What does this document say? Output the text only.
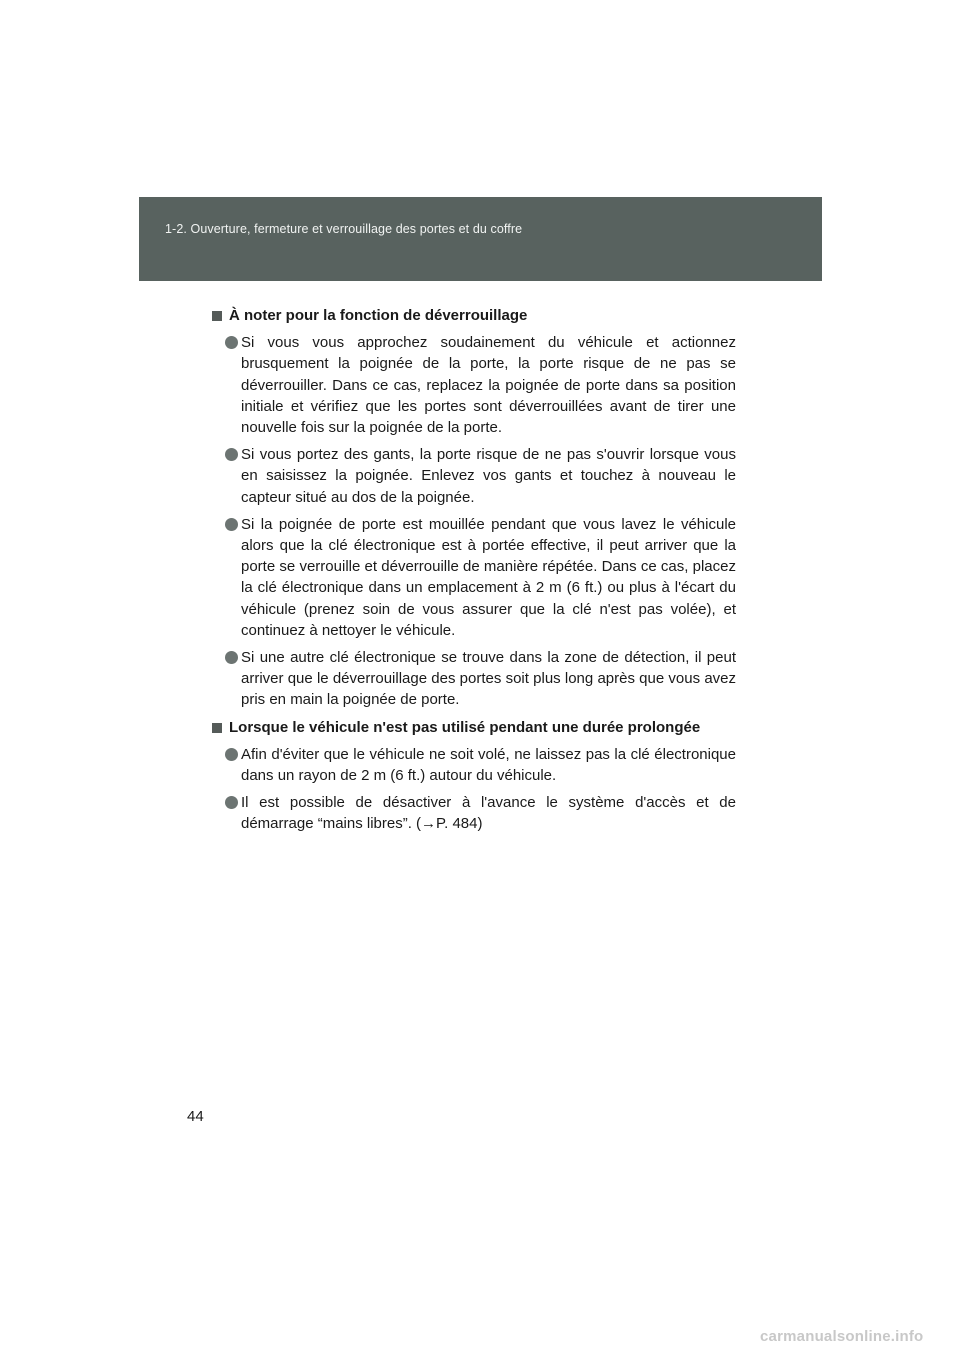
1-2. Ouverture, fermeture et verrouillage des portes et du coffre
À noter pour la fonction de déverrouillage
Si vous vous approchez soudainement du véhicule et actionnez brusquement la poignée de la porte, la porte risque de ne pas se déverrouiller. Dans ce cas, replacez la poignée de porte dans sa position initiale et vérifiez que les portes sont déverrouillées avant de tirer une nouvelle fois sur la poignée de la porte.
Si vous portez des gants, la porte risque de ne pas s'ouvrir lorsque vous en saisissez la poignée. Enlevez vos gants et touchez à nouveau le capteur situé au dos de la poignée.
Si la poignée de porte est mouillée pendant que vous lavez le véhicule alors que la clé électronique est à portée effective, il peut arriver que la porte se verrouille et déverrouille de manière répétée. Dans ce cas, placez la clé électronique dans un emplacement à 2 m (6 ft.) ou plus à l'écart du véhicule (prenez soin de vous assurer que la clé n'est pas volée), et continuez à nettoyer le véhicule.
Si une autre clé électronique se trouve dans la zone de détection, il peut arriver que le déverrouillage des portes soit plus long après que vous avez pris en main la poignée de porte.
Lorsque le véhicule n'est pas utilisé pendant une durée prolongée
Afin d'éviter que le véhicule ne soit volé, ne laissez pas la clé électronique dans un rayon de 2 m (6 ft.) autour du véhicule.
Il est possible de désactiver à l'avance le système d'accès et de démarrage “mains libres”. (→P. 484)
44
carmanualsonline.info
